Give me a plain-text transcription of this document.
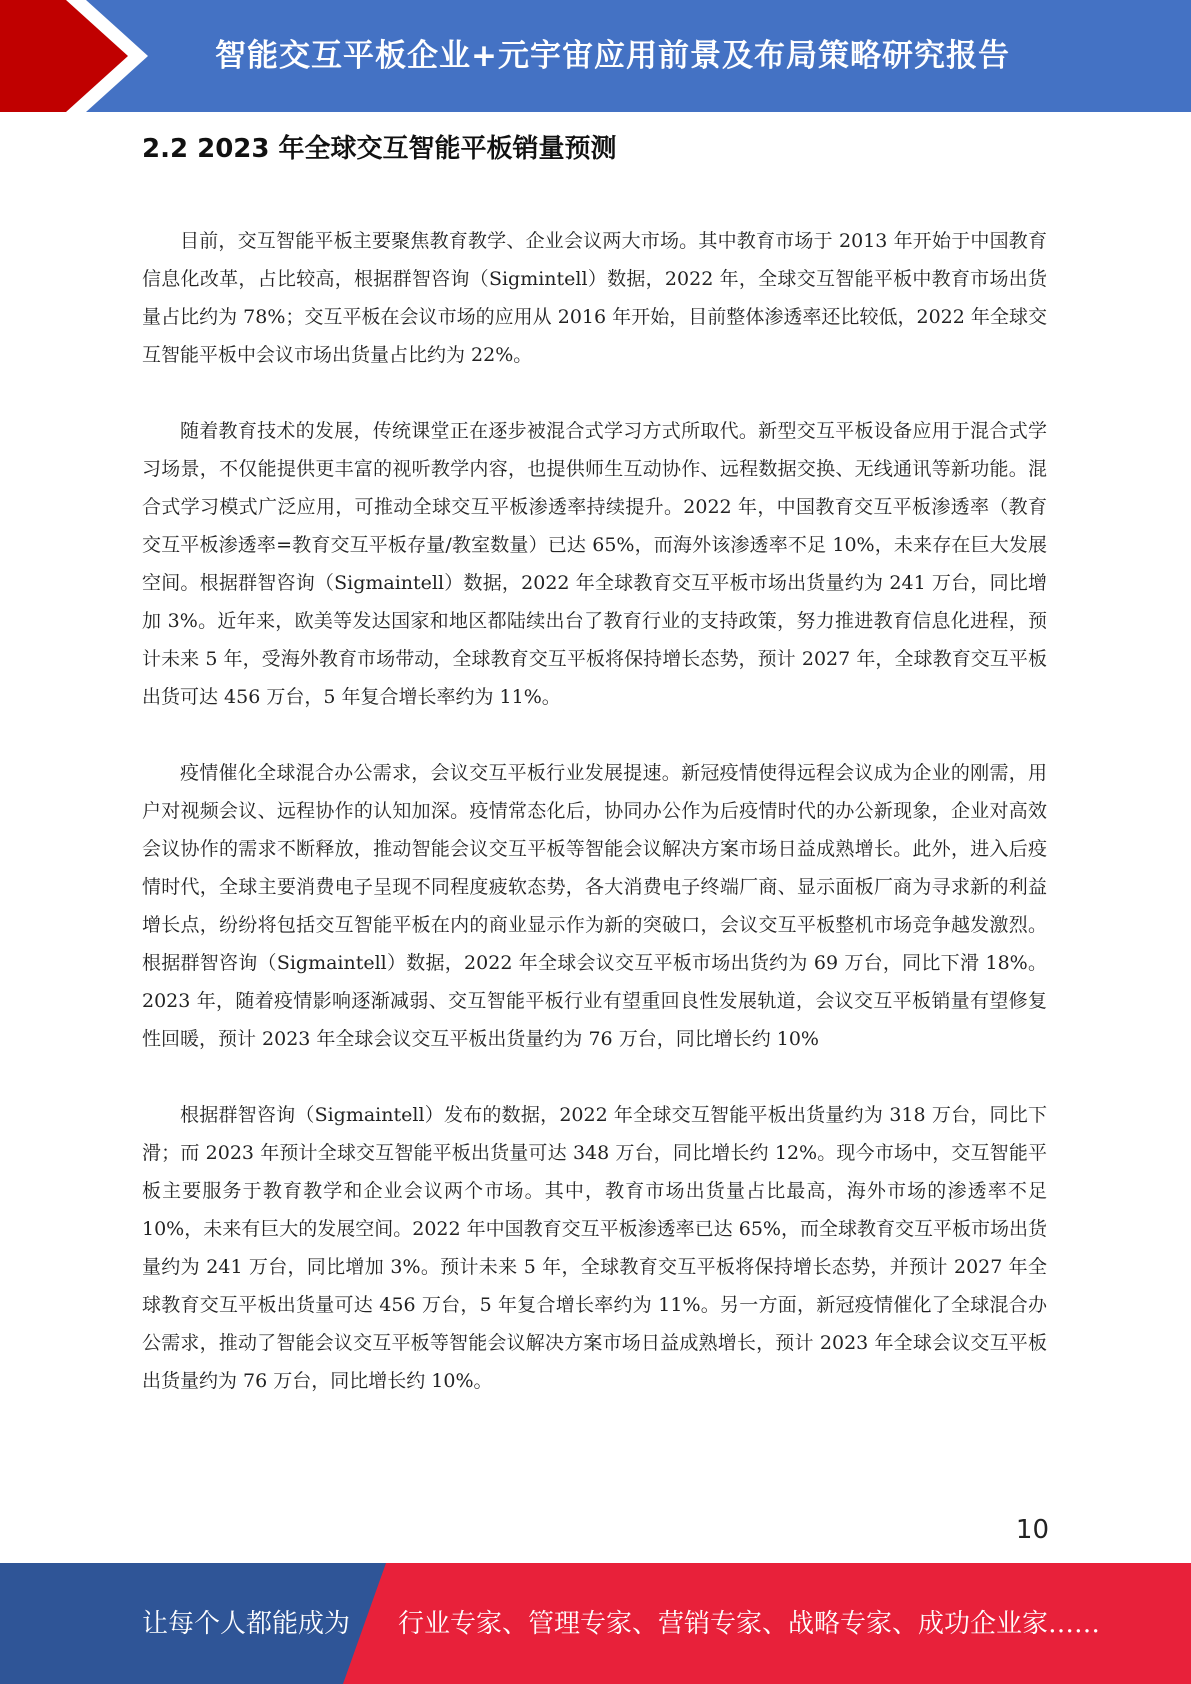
智能交互平板企业+元宇宙应用前景及布局策略研究报告
2.2 2023 年全球交互智能平板销量预测

目前，交互智能平板主要聚焦教育教学、企业会议两大市场。其中教育市场于 2013 年开始于中国教育信息化改革，占比较高，根据群智咨询（Sigmintell）数据，2022 年，全球交互智能平板中教育市场出货量占比约为 78%；交互平板在会议市场的应用从 2016 年开始，目前整体渗透率还比较低，2022 年全球交互智能平板中会议市场出货量占比约为 22%。

随着教育技术的发展，传统课堂正在逐步被混合式学习方式所取代。新型交互平板设备应用于混合式学习场景，不仅能提供更丰富的视听教学内容，也提供师生互动协作、远程数据交换、无线通讯等新功能。混合式学习模式广泛应用，可推动全球交互平板渗透率持续提升。2022 年，中国教育交互平板渗透率（教育交互平板渗透率=教育交互平板存量/教室数量）已达 65%，而海外该渗透率不足 10%，未来存在巨大发展空间。根据群智咨询（Sigmaintell）数据，2022 年全球教育交互平板市场出货量约为 241 万台，同比增加 3%。近年来，欧美等发达国家和地区都陆续出台了教育行业的支持政策，努力推进教育信息化进程，预计未来 5 年，受海外教育市场带动，全球教育交互平板将保持增长态势，预计 2027 年，全球教育交互平板出货可达 456 万台，5 年复合增长率约为 11%。

疫情催化全球混合办公需求，会议交互平板行业发展提速。新冠疫情使得远程会议成为企业的刚需，用户对视频会议、远程协作的认知加深。疫情常态化后，协同办公作为后疫情时代的办公新现象，企业对高效会议协作的需求不断释放，推动智能会议交互平板等智能会议解决方案市场日益成熟增长。此外，进入后疫情时代，全球主要消费电子呈现不同程度疲软态势，各大消费电子终端厂商、显示面板厂商为寻求新的利益增长点，纷纷将包括交互智能平板在内的商业显示作为新的突破口，会议交互平板整机市场竞争越发激烈。根据群智咨询（Sigmaintell）数据，2022 年全球会议交互平板市场出货约为 69 万台，同比下滑 18%。2023 年，随着疫情影响逐渐减弱、交互智能平板行业有望重回良性发展轨道，会议交互平板销量有望修复性回暖，预计 2023 年全球会议交互平板出货量约为 76 万台，同比增长约 10%

根据群智咨询（Sigmaintell）发布的数据，2022 年全球交互智能平板出货量约为 318 万台，同比下滑；而 2023 年预计全球交互智能平板出货量可达 348 万台，同比增长约 12%。现今市场中，交互智能平板主要服务于教育教学和企业会议两个市场。其中，教育市场出货量占比最高，海外市场的渗透率不足 10%，未来有巨大的发展空间。2022 年中国教育交互平板渗透率已达 65%，而全球教育交互平板市场出货量约为 241 万台，同比增加 3%。预计未来 5 年，全球教育交互平板将保持增长态势，并预计 2027 年全球教育交互平板出货量可达 456 万台，5 年复合增长率约为 11%。另一方面，新冠疫情催化了全球混合办公需求，推动了智能会议交互平板等智能会议解决方案市场日益成熟增长，预计 2023 年全球会议交互平板出货量约为 76 万台，同比增长约 10%。

10
让每个人都能成为 行业专家、管理专家、营销专家、战略专家、成功企业家……
